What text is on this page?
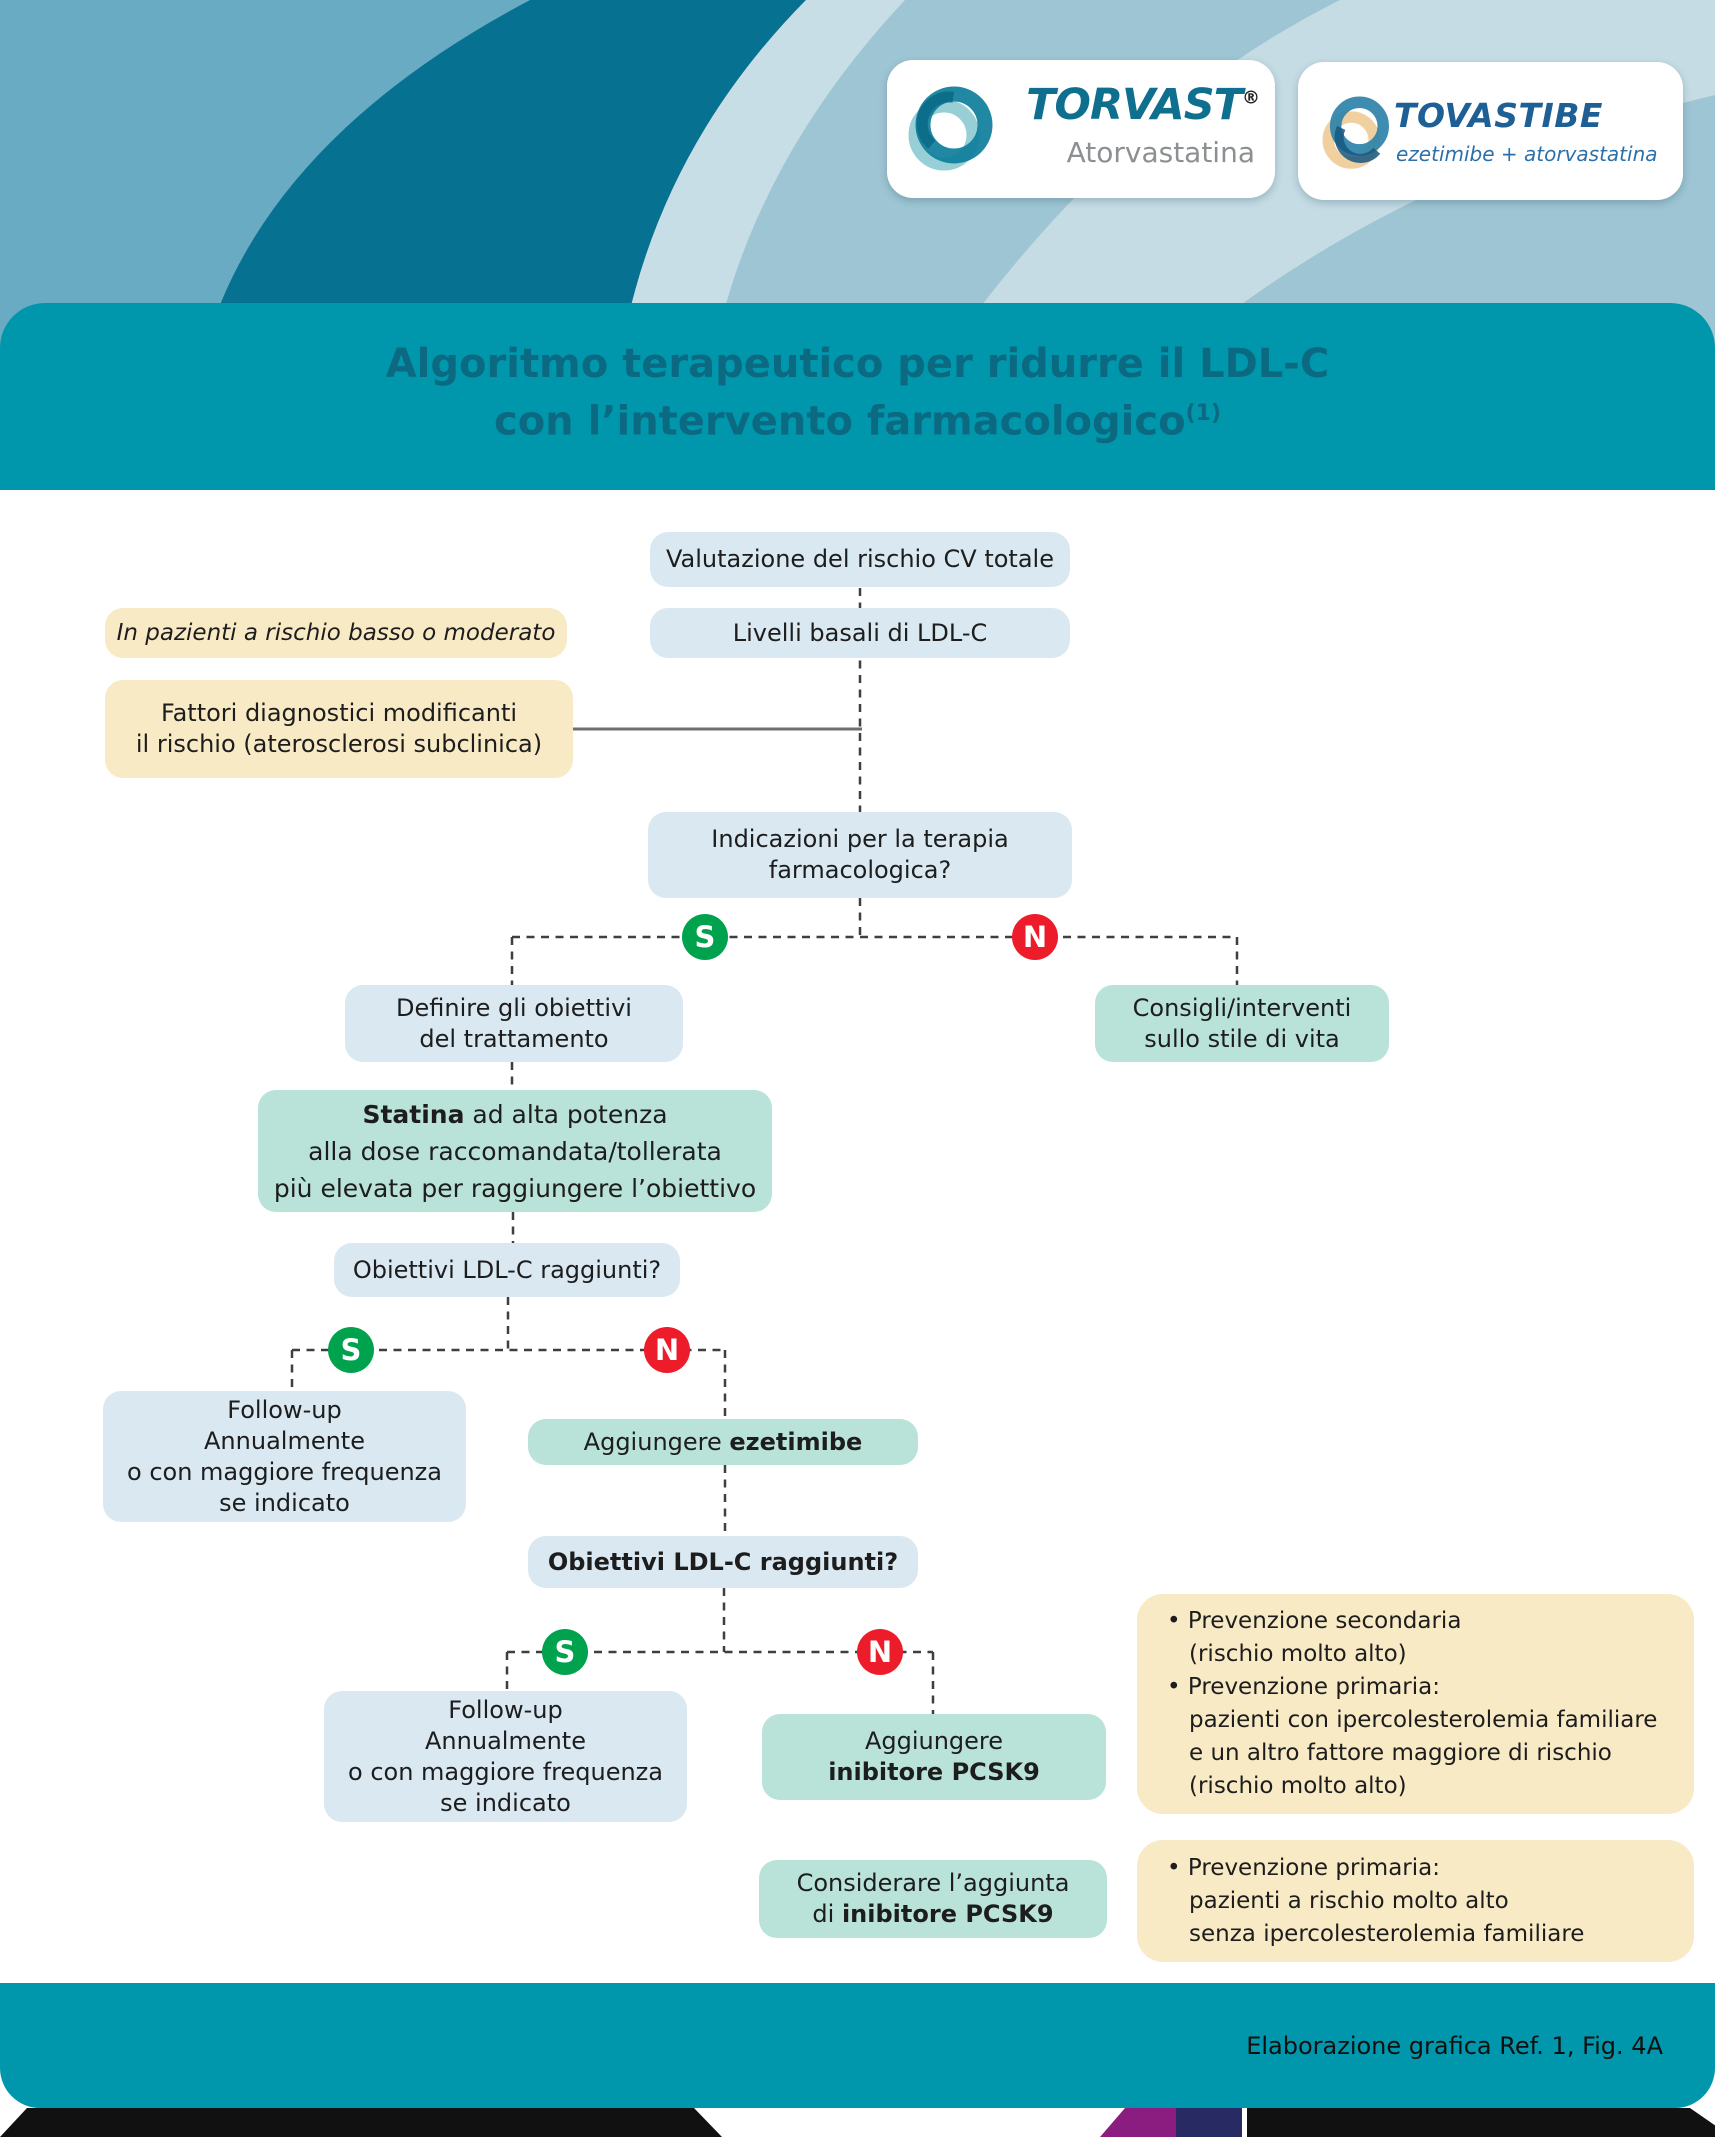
TORVAST®
Atorvastatina
TOVASTIBE
ezetimibe + atorvastatina
Algoritmo terapeutico per ridurre il LDL-C
con l’intervento farmacologico$^{(1)}$
Valutazione del rischio CV totale
In pazienti a rischio basso o moderato	Livelli basali di LDL-C
Fattori diagnostici modificanti
il rischio (aterosclerosi subclinica)
Indicazioni per la terapia
farmacologica?
Definire gli obiettivi
del trattamento
Consigli/interventi
sullo stile di vita
Statina ad alta potenza
alla dose raccomandata/tollerata
più elevata per raggiungere l’obiettivo
Obiettivi LDL-C raggiunti?
Follow-up
Annualmente
o con maggiore frequenza
se indicato
Aggiungere ezetimibe
Obiettivi LDL-C raggiunti?
Follow-up
Annualmente
o con maggiore frequenza
se indicato
Aggiungere
inibitore PCSK9
Considerare l’aggiunta
di inibitore PCSK9
• Prevenzione secondaria
(rischio molto alto)
• Prevenzione primaria:
pazienti con ipercolesterolemia familiare
e un altro fattore maggiore di rischio
(rischio molto alto)
• Prevenzione primaria:
pazienti a rischio molto alto
senza ipercolesterolemia familiare
S	N
S	N
S	N
Elaborazione grafica Ref. 1, Fig. 4A
